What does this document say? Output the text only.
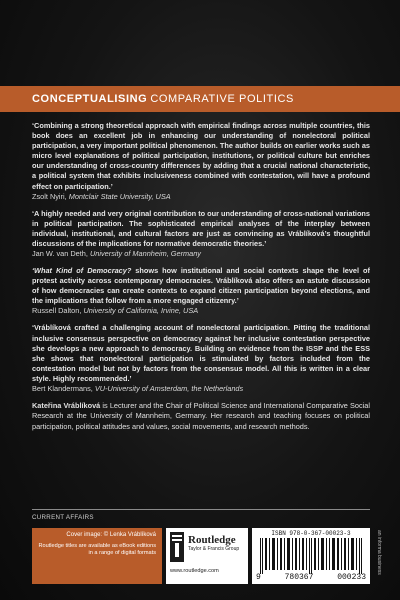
CONCEPTUALISING COMPARATIVE POLITICS

‘Combining a strong theoretical approach with empirical findings across multiple countries, this book does an excellent job in enhancing our understanding of nonelectoral political participation, a very important political phenomenon. The author builds on earlier works such as micro level explanations of political participation, institutions, or political culture but enriches our understanding of cross-country differences by adding that a crucial national characteristic, a political system that exhibits inclusiveness combined with contestation, will have a profound effect on participation.’

Zsolt Nyiri, Montclair State University, USA

‘A highly needed and very original contribution to our understanding of cross-national variations in political participation. The sophisticated empirical analyses of the interplay between individual, institutional, and cultural factors are just as convincing as Vráblíková’s thoughtful discussions of the implications for normative democratic theories.’

Jan W. van Deth, University of Mannheim, Germany

‘What Kind of Democracy? shows how institutional and social contexts shape the level of protest activity across contemporary democracies. Vráblíková also offers an astute discussion of how democracies can create contexts to expand citizen participation beyond elections, and the implications that follow from a more engaged citizenry.’

Russell Dalton, University of California, Irvine, USA

‘Vráblíková crafted a challenging account of nonelectoral participation. Pitting the traditional inclusive consensus perspective on democracy against her inclusive contestation perspective she develops a new approach to democracy. Building on evidence from the ISSP and the ESS she shows that nonelectoral participation is stimulated by factors included from the contestation model but not by factors from the consensus model. All this is written in a clear style. Highly recommended.’

Bert Klandermans, VU-University of Amsterdam, the Netherlands

Kateřina Vráblíková is Lecturer and the Chair of Political Science and International Comparative Social Research at the University of Mannheim, Germany. Her research and teaching focuses on political participation, political attitudes and values, social movements, and research methods.

CURRENT AFFAIRS
Cover image: © Lenka Vráblíková
Routledge titles are available as eBook editions in a range of digital formats
Routledge
Taylor & Francis Group
www.routledge.com
ISBN 978-0-367-00023-3
9	780367	000233
an informa business
